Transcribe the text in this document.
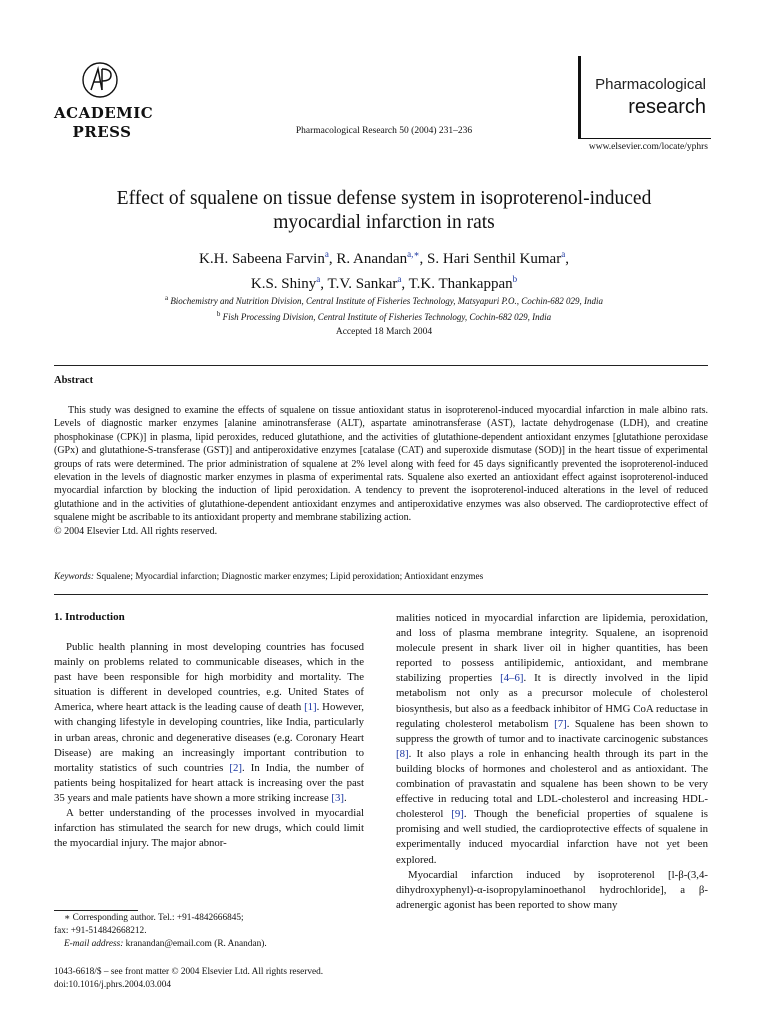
ACADEMIC
PRESS	Pharmacological Research 50 (2004) 231–236
Pharmacological
research
www.elsevier.com/locate/yphrs
Effect of squalene on tissue defense system in isoproterenol-induced
myocardial infarction in rats
K.H. Sabeena Farvin$^a$, R. Anandan$^{a,∗}$, S. Hari Senthil Kumar$^a$,
K.S. Shiny$^a$, T.V. Sankar$^a$, T.K. Thankappan$^b$
$^a$ Biochemistry and Nutrition Division, Central Institute of Fisheries Technology, Matsyapuri P.O., Cochin-682 029, India
$^b$ Fish Processing Division, Central Institute of Fisheries Technology, Cochin-682 029, India
Accepted 18 March 2004
Abstract

This study was designed to examine the effects of squalene on tissue antioxidant status in isoproterenol-induced myocardial infarction in male albino rats. Levels of diagnostic marker enzymes [alanine aminotransferase (ALT), aspartate aminotransferase (AST), lactate dehydrogenase (LDH), and creatine phosphokinase (CPK)] in plasma, lipid peroxides, reduced glutathione, and the activities of glutathione-dependent antioxidant enzymes [glutathione peroxidase (GPx) and glutathione-S-transferase (GST)] and antiperoxidative enzymes [catalase (CAT) and superoxide dismutase (SOD)] in the heart tissue of experimental groups of rats were determined. The prior administration of squalene at 2% level along with feed for 45 days significantly prevented the isoproterenol-induced elevation in the levels of diagnostic marker enzymes in plasma of experimental rats. Squalene also exerted an antioxidant effect against isoproterenol-induced myocardial infarction by blocking the induction of lipid peroxidation. A tendency to prevent the isoproterenol-induced alterations in the level of reduced glutathione and in the activities of glutathione-dependent antioxidant enzymes and antiperoxidative enzymes was also observed. The cardioprotective effect of squalene might be ascribable to its antioxidant property and membrane stabilizing action.

© 2004 Elsevier Ltd. All rights reserved.

Keywords: Squalene; Myocardial infarction; Diagnostic marker enzymes; Lipid peroxidation; Antioxidant enzymes
1. Introduction

Public health planning in most developing countries has focused mainly on problems related to communicable diseases, which in the past have been responsible for high morbidity and mortality. The situation is different in developed countries, e.g. United States of America, where heart attack is the leading cause of death [1]. However, with changing lifestyle in developing countries, like India, particularly in urban areas, chronic and degenerative diseases (e.g. Coronary Heart Disease) are making an increasingly important contribution to mortality statistics of such countries [2]. In India, the number of patients being hospitalized for heart attack is increasing over the past 35 years and male patients have shown a more striking increase [3].

A better understanding of the processes involved in myocardial infarction has stimulated the search for new drugs, which could limit the myocardial injury. The major abnor-

malities noticed in myocardial infarction are lipidemia, peroxidation, and loss of plasma membrane integrity. Squalene, an isoprenoid molecule present in shark liver oil in higher quantities, has been reported to possess antilipidemic, antioxidant, and membrane stabilizing properties [4–6]. It is directly involved in the lipid metabolism not only as a precursor molecule of cholesterol biosynthesis, but also as a feedback inhibitor of HMG CoA reductase in regulating cholesterol metabolism [7]. Squalene has been shown to suppress the growth of tumor and to inactivate carcinogenic substances [8]. It also plays a role in enhancing health through its part in the building blocks of hormones and cholesterol and as antioxidant. The combination of pravastatin and squalene has been shown to be very effective in reducing total and LDL-cholesterol and increasing HDL-cholesterol [9]. Though the beneficial properties of squalene is promising and well studied, the cardioprotective effects of squalene in experimentally induced myocardial infarction have not yet been explored.

Myocardial infarction induced by isoproterenol [l-β-(3,4-dihydroxyphenyl)-α-isopropylaminoethanol hydrochloride], a β-adrenergic agonist has been reported to show many

∗ Corresponding author. Tel.: +91-4842666845;

fax: +91-514842668212.

E-mail address: kranandan@email.com (R. Anandan).

1043-6618/$ – see front matter © 2004 Elsevier Ltd. All rights reserved.

doi:10.1016/j.phrs.2004.03.004
